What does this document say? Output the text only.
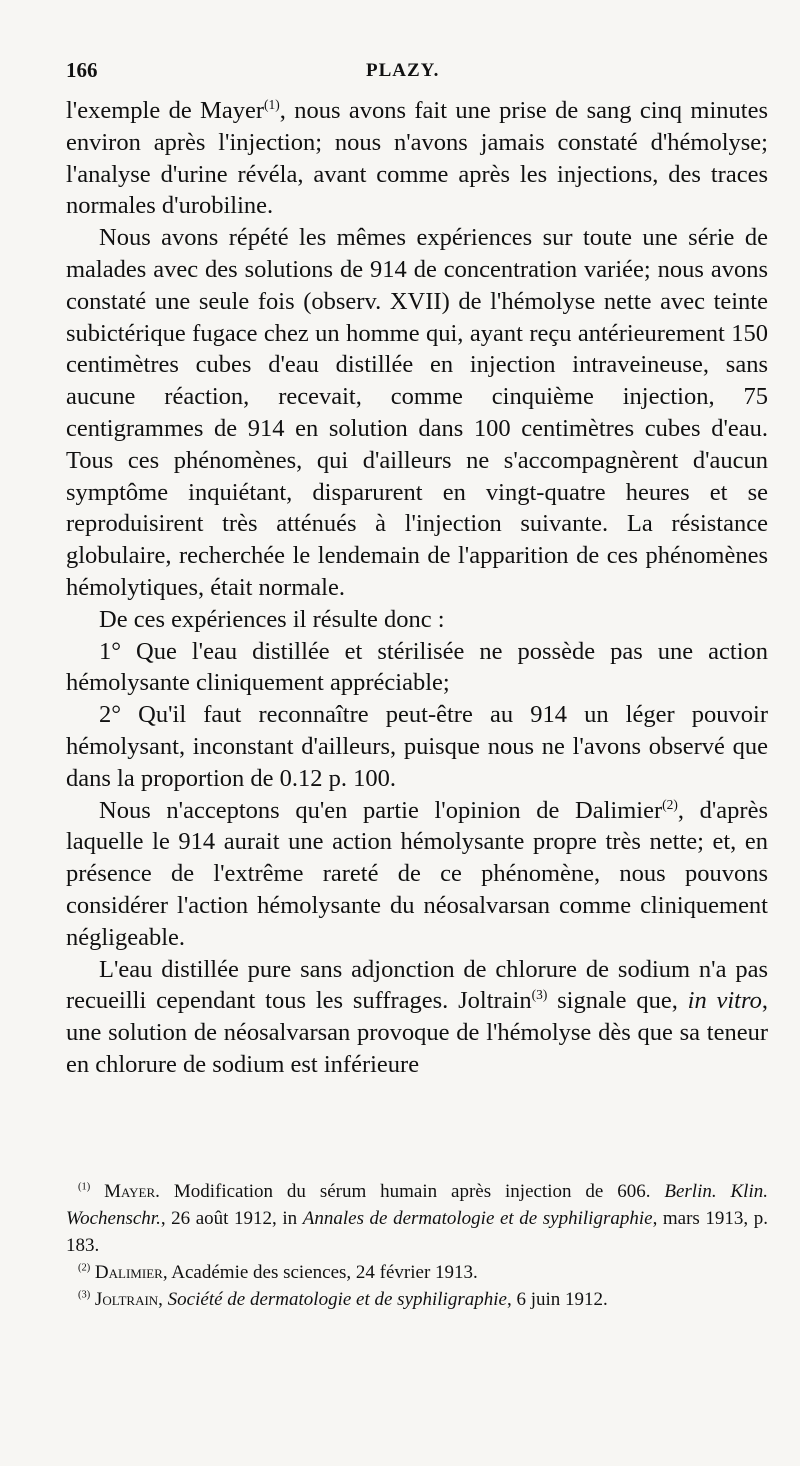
166	PLAZY.

l'exemple de Mayer$^{(1)}$, nous avons fait une prise de sang cinq minutes environ après l'injection; nous n'avons jamais constaté d'hémolyse; l'analyse d'urine révéla, avant comme après les injections, des traces normales d'urobiline.

Nous avons répété les mêmes expériences sur toute une série de malades avec des solutions de 914 de concentration variée; nous avons constaté une seule fois (observ. XVII) de l'hémolyse nette avec teinte subictérique fugace chez un homme qui, ayant reçu antérieurement 150 centimètres cubes d'eau distillée en injection intraveineuse, sans aucune réaction, recevait, comme cinquième injection, 75 centigrammes de 914 en solution dans 100 centimètres cubes d'eau. Tous ces phénomènes, qui d'ailleurs ne s'accompagnèrent d'aucun symptôme inquiétant, disparurent en vingt-quatre heures et se reproduisirent très atténués à l'injection suivante. La résistance globulaire, recherchée le lendemain de l'apparition de ces phénomènes hémolytiques, était normale.

De ces expériences il résulte donc :

1° Que l'eau distillée et stérilisée ne possède pas une action hémolysante cliniquement appréciable;

2° Qu'il faut reconnaître peut-être au 914 un léger pouvoir hémolysant, inconstant d'ailleurs, puisque nous ne l'avons observé que dans la proportion de 0.12 p. 100.

Nous n'acceptons qu'en partie l'opinion de Dalimier$^{(2)}$, d'après laquelle le 914 aurait une action hémolysante propre très nette; et, en présence de l'extrême rareté de ce phénomène, nous pouvons considérer l'action hémolysante du néosalvarsan comme cliniquement négligeable.

L'eau distillée pure sans adjonction de chlorure de sodium n'a pas recueilli cependant tous les suffrages. Joltrain$^{(3)}$ signale que, in vitro, une solution de néosalvarsan provoque de l'hémolyse dès que sa teneur en chlorure de sodium est inférieure

$^{(1)}$ Mayer. Modification du sérum humain après injection de 606. Berlin. Klin. Wochenschr., 26 août 1912, in Annales de dermatologie et de syphiligraphie, mars 1913, p. 183.

$^{(2)}$ Dalimier, Académie des sciences, 24 février 1913.

$^{(3)}$ Joltrain, Société de dermatologie et de syphiligraphie, 6 juin 1912.
